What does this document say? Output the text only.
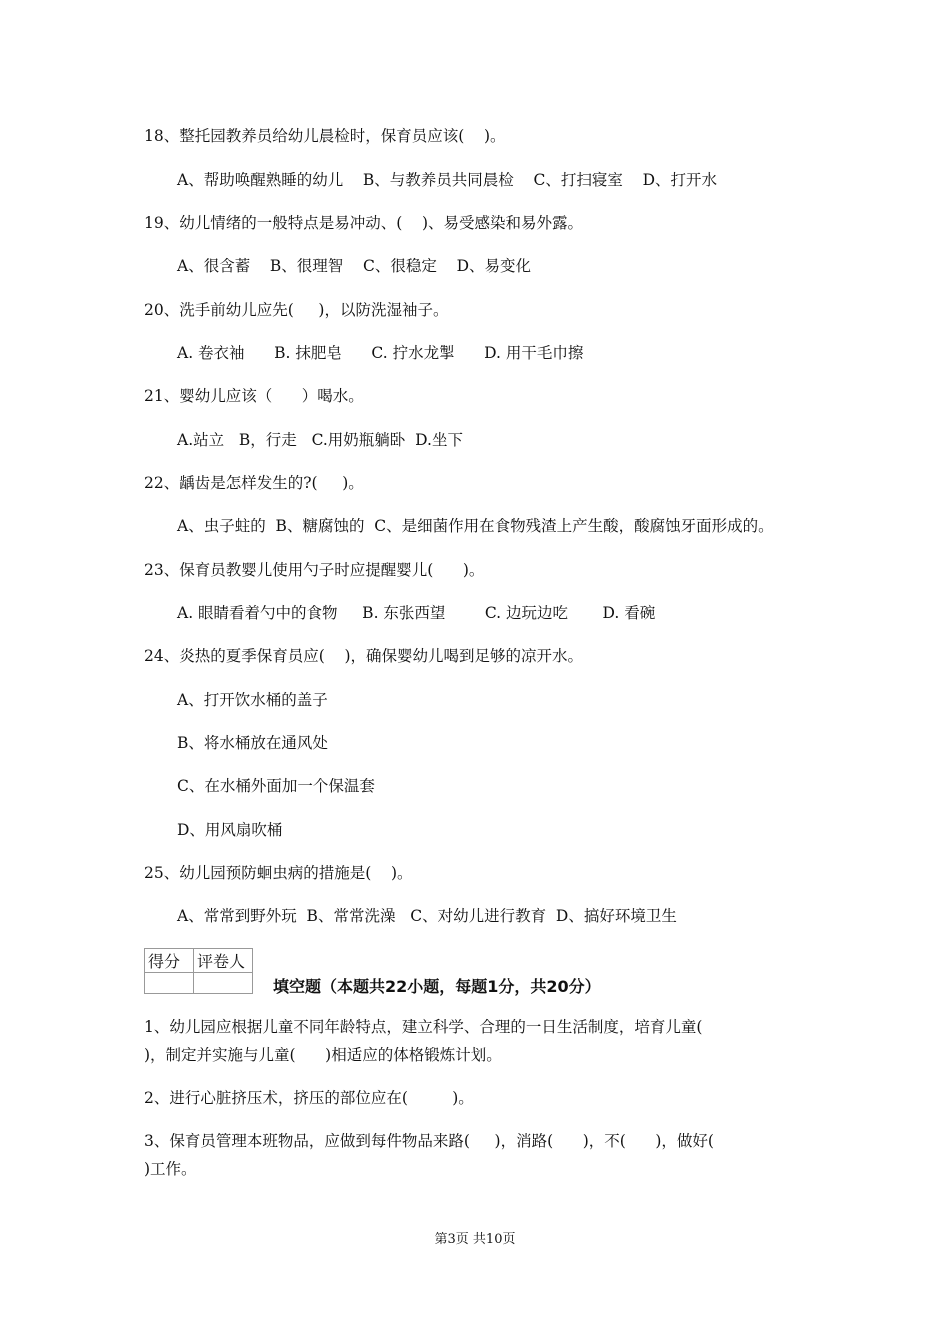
18、整托园教养员给幼儿晨检时，保育员应该(    )。
A、帮助唤醒熟睡的幼儿    B、与教养员共同晨检    C、打扫寝室    D、打开水
19、幼儿情绪的一般特点是易冲动、(    )、易受感染和易外露。
A、很含蓄    B、很理智    C、很稳定    D、易变化
20、洗手前幼儿应先(     )，以防洗湿袖子。
A. 卷衣袖      B. 抹肥皂      C. 拧水龙掣      D. 用干毛巾擦
21、婴幼儿应该（      ）喝水。
A.站立   B，行走   C.用奶瓶躺卧  D.坐下
22、龋齿是怎样发生的?(     )。
A、虫子蛀的  B、糖腐蚀的  C、是细菌作用在食物残渣上产生酸，酸腐蚀牙面形成的。
23、保育员教婴儿使用勺子时应提醒婴儿(      )。
A. 眼睛看着勺中的食物     B. 东张西望        C. 边玩边吃       D. 看碗
24、炎热的夏季保育员应(    )，确保婴幼儿喝到足够的凉开水。
A、打开饮水桶的盖子
B、将水桶放在通风处
C、在水桶外面加一个保温套
D、用风扇吹桶
25、幼儿园预防蛔虫病的措施是(    )。
A、常常到野外玩  B、常常洗澡   C、对幼儿进行教育  D、搞好环境卫生
得分	评卷人

填空题（本题共22小题，每题1分，共20分）
1、幼儿园应根据儿童不同年龄特点，建立科学、合理的一日生活制度，培育儿童(
)，制定并实施与儿童(      )相适应的体格锻炼计划。
2、进行心脏挤压术，挤压的部位应在(         )。
3、保育员管理本班物品，应做到每件物品来路(     )，消路(      )，不(      )，做好(
)工作。
第3页 共10页
